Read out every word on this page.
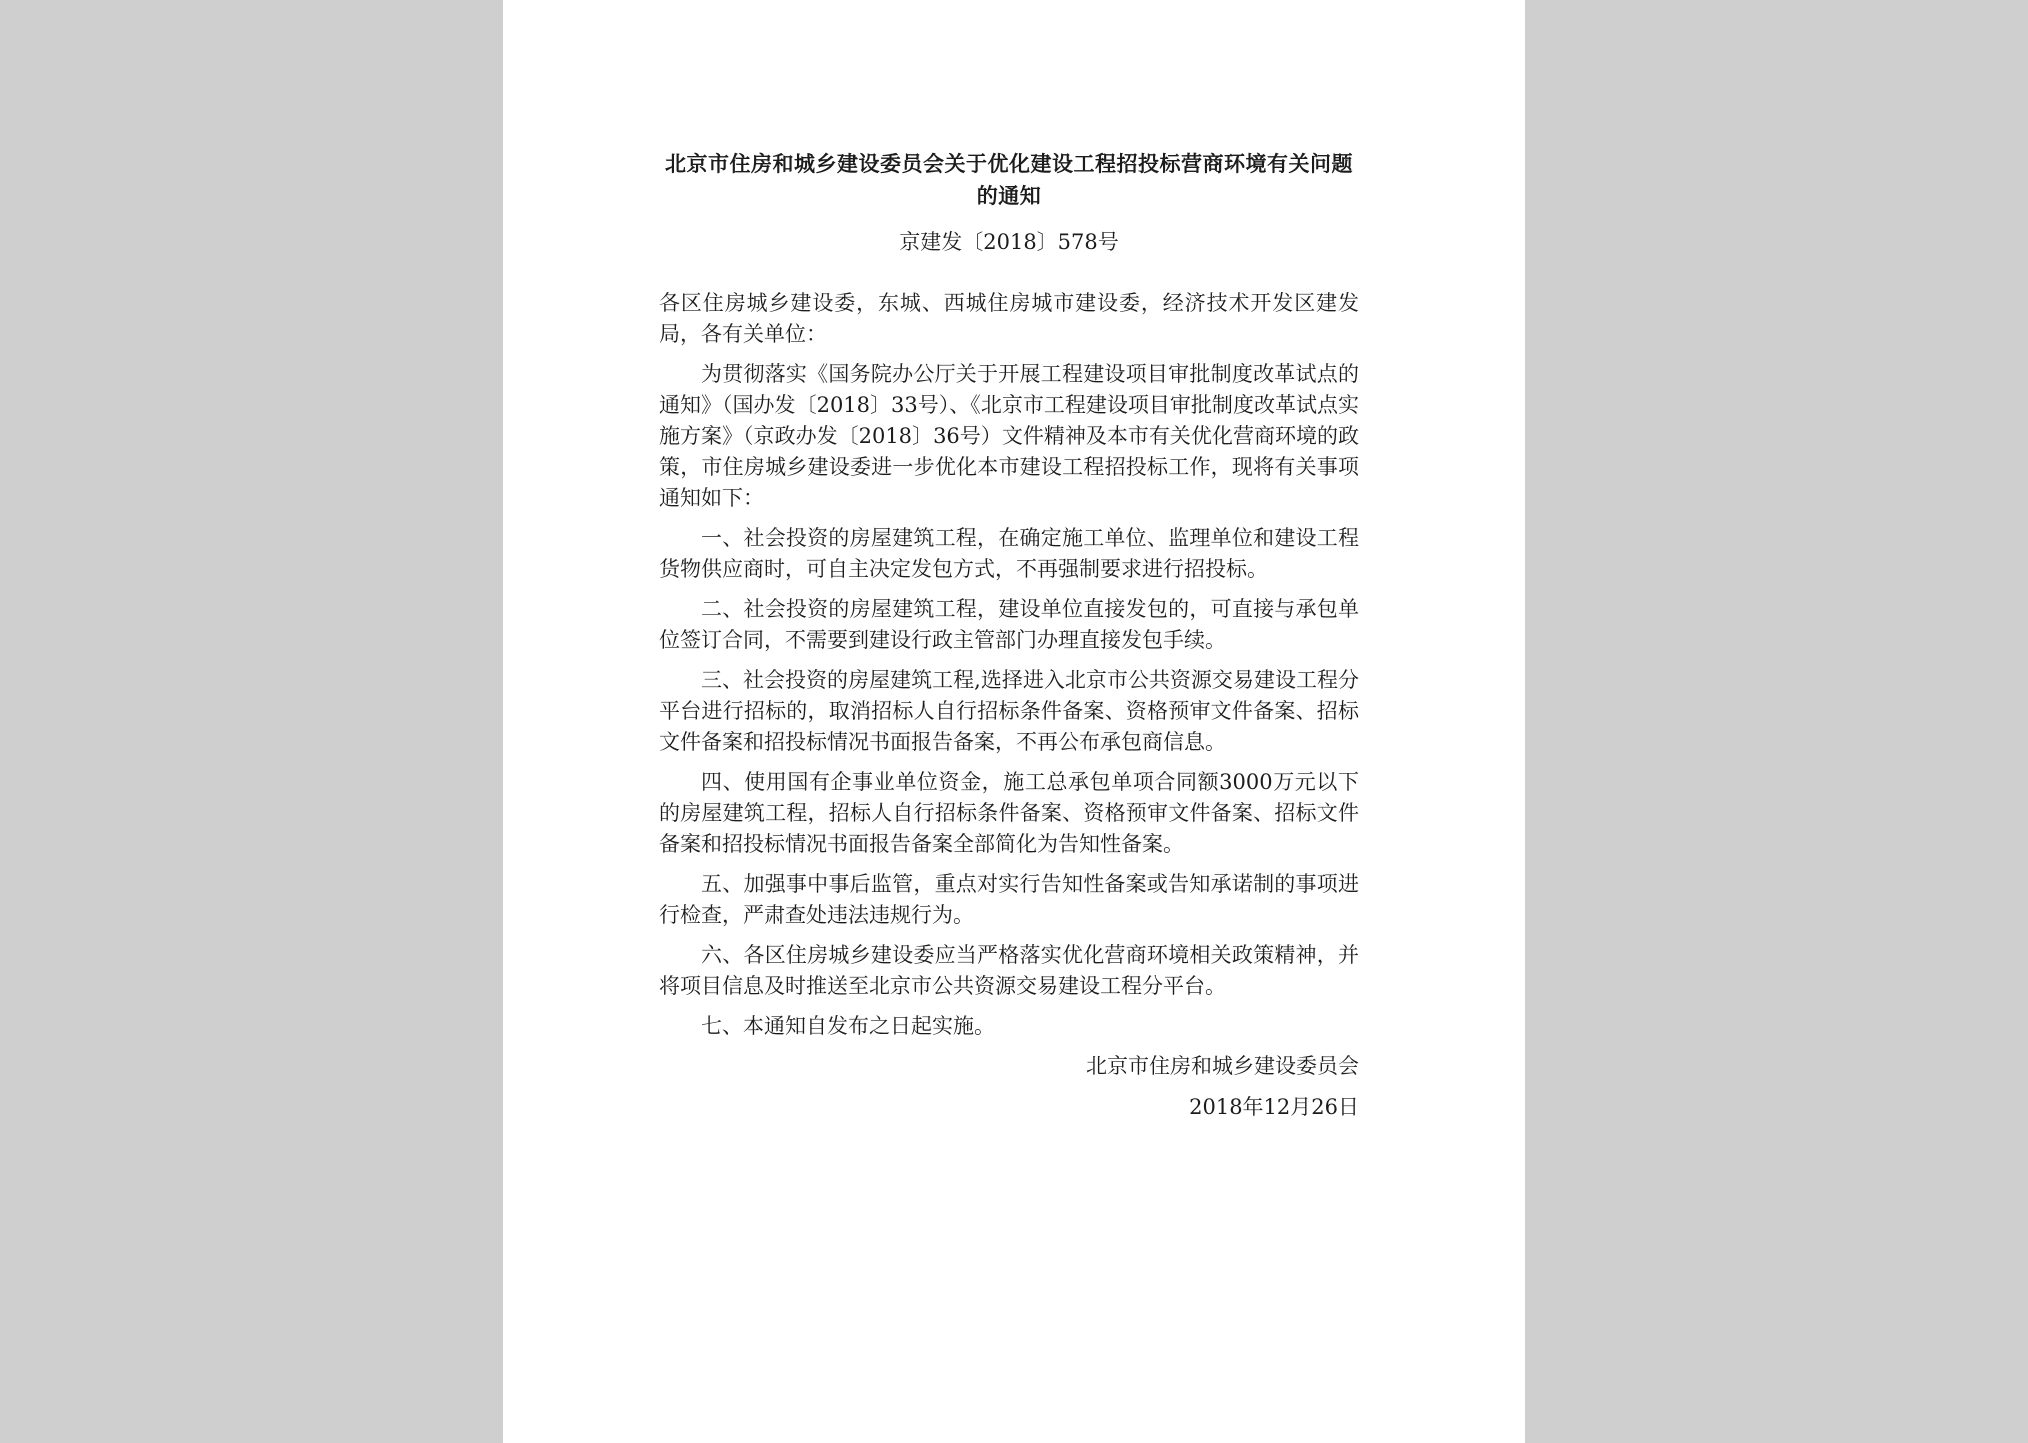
北京市住房和城乡建设委员会关于优化建设工程招投标营商环境有关问题的通知
京建发〔2018〕578号

各区住房城乡建设委，东城、西城住房城市建设委，经济技术开发区建发局，各有关单位：

为贯彻落实《国务院办公厅关于开展工程建设项目审批制度改革试点的通知》（国办发〔2018〕33号）、《北京市工程建设项目审批制度改革试点实施方案》（京政办发〔2018〕36号）文件精神及本市有关优化营商环境的政策，市住房城乡建设委进一步优化本市建设工程招投标工作，现将有关事项通知如下：

一、社会投资的房屋建筑工程，在确定施工单位、监理单位和建设工程货物供应商时，可自主决定发包方式，不再强制要求进行招投标。

二、社会投资的房屋建筑工程，建设单位直接发包的，可直接与承包单位签订合同，不需要到建设行政主管部门办理直接发包手续。

三、社会投资的房屋建筑工程,选择进入北京市公共资源交易建设工程分平台进行招标的，取消招标人自行招标条件备案、资格预审文件备案、招标文件备案和招投标情况书面报告备案，不再公布承包商信息。

四、使用国有企事业单位资金，施工总承包单项合同额3000万元以下的房屋建筑工程，招标人自行招标条件备案、资格预审文件备案、招标文件备案和招投标情况书面报告备案全部简化为告知性备案。

五、加强事中事后监管，重点对实行告知性备案或告知承诺制的事项进行检查，严肃查处违法违规行为。

六、各区住房城乡建设委应当严格落实优化营商环境相关政策精神，并将项目信息及时推送至北京市公共资源交易建设工程分平台。

七、本通知自发布之日起实施。

北京市住房和城乡建设委员会
2018年12月26日
